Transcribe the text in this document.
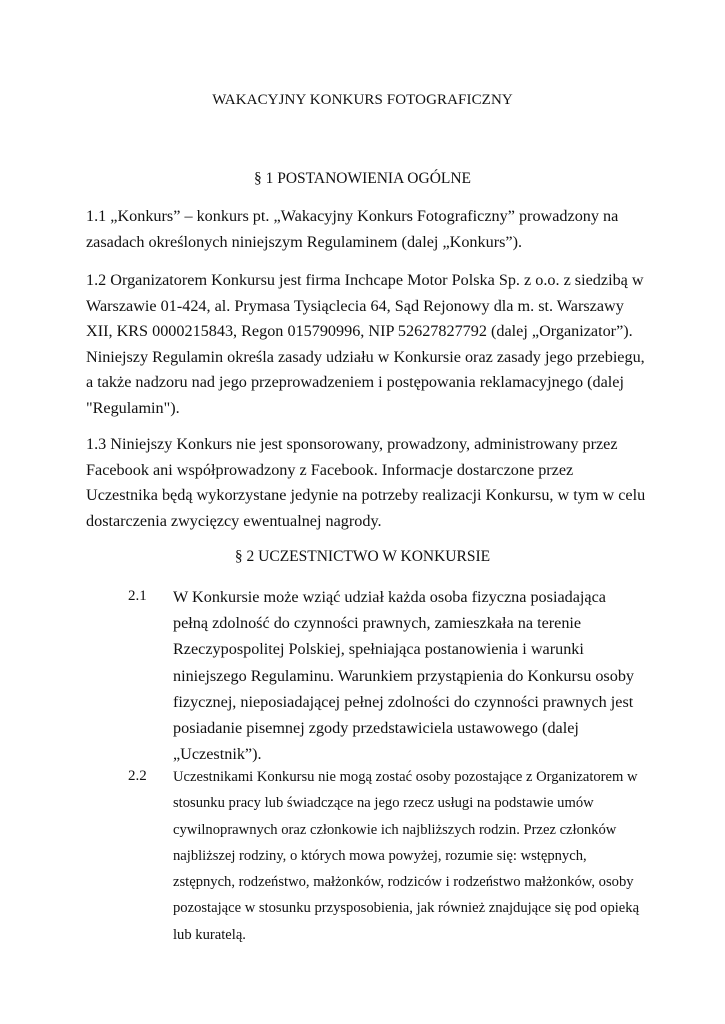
WAKACYJNY KONKURS FOTOGRAFICZNY
§ 1 POSTANOWIENIA OGÓLNE

1.1 „Konkurs” – konkurs pt. „Wakacyjny Konkurs Fotograficzny” prowadzony na zasadach określonych niniejszym Regulaminem (dalej „Konkurs”).

1.2 Organizatorem Konkursu jest firma Inchcape Motor Polska Sp. z o.o. z siedzibą w Warszawie 01-424, al. Prymasa Tysiąclecia 64, Sąd Rejonowy dla m. st. Warszawy XII, KRS 0000215843, Regon 015790996, NIP 52627827792 (dalej „Organizator”). Niniejszy Regulamin określa zasady udziału w Konkursie oraz zasady jego przebiegu, a także nadzoru nad jego przeprowadzeniem i postępowania reklamacyjnego (dalej "Regulamin").

1.3 Niniejszy Konkurs nie jest sponsorowany, prowadzony, administrowany przez Facebook ani współprowadzony z Facebook. Informacje dostarczone przez Uczestnika będą wykorzystane jedynie na potrzeby realizacji Konkursu, w tym w celu dostarczenia zwycięzcy ewentualnej nagrody.

§ 2 UCZESTNICTWO W KONKURSIE
2.1 W Konkursie może wziąć udział każda osoba fizyczna posiadająca pełną zdolność do czynności prawnych, zamieszkała na terenie Rzeczypospolitej Polskiej, spełniająca postanowienia i warunki niniejszego Regulaminu. Warunkiem przystąpienia do Konkursu osoby fizycznej, nieposiadającej pełnej zdolności do czynności prawnych jest posiadanie pisemnej zgody przedstawiciela ustawowego (dalej „Uczestnik”).

2.2 Uczestnikami Konkursu nie mogą zostać osoby pozostające z Organizatorem w stosunku pracy lub świadczące na jego rzecz usługi na podstawie umów cywilnoprawnych oraz członkowie ich najbliższych rodzin. Przez członków najbliższej rodziny, o których mowa powyżej, rozumie się: wstępnych, zstępnych, rodzeństwo, małżonków, rodziców i rodzeństwo małżonków, osoby pozostające w stosunku przysposobienia, jak również znajdujące się pod opieką lub kuratelą.
